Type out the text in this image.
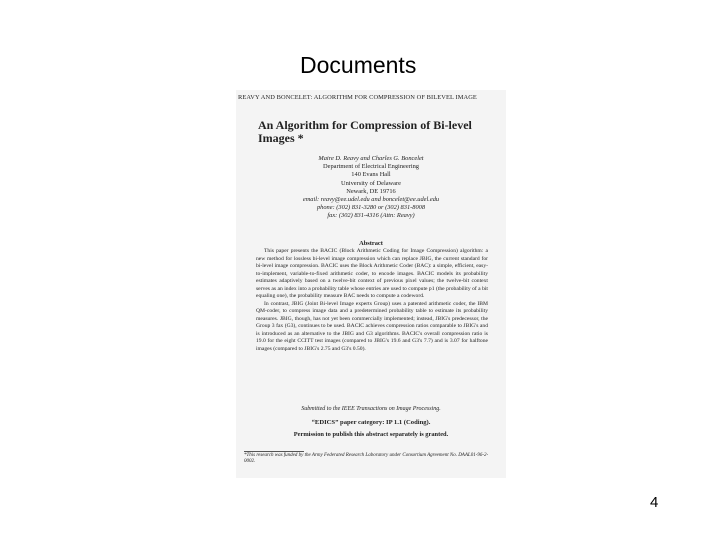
Documents
REAVY AND BONCELET: ALGORITHM FOR COMPRESSION OF BILEVEL IMAGE
An Algorithm for Compression of Bi-level Images *
Maire D. Reavy and Charles G. Boncelet
Department of Electrical Engineering
140 Evans Hall
University of Delaware
Newark, DE 19716
email: reavy@ee.udel.edu and boncelet@ee.udel.edu
phone: (302) 831-3280 or (302) 831-8008
fax: (302) 831-4316 (Attn: Reavy)
Abstract

This paper presents the BACIC (Block Arithmetic Coding for Image Compression) algorithm: a new method for lossless bi-level image compression which can replace JBIG, the current standard for bi-level image compression. BACIC uses the Block Arithmetic Coder (BAC): a simple, efficient, easy-to-implement, variable-to-fixed arithmetic coder, to encode images. BACIC models its probability estimates adaptively based on a twelve-bit context of previous pixel values; the twelve-bit context serves as an index into a probability table whose entries are used to compute p1 (the probability of a bit equaling one), the probability measure BAC needs to compute a codeword.

In contrast, JBIG (Joint Bi-level Image experts Group) uses a patented arithmetic coder, the IBM QM-coder, to compress image data and a predetermined probability table to estimate its probability measures. JBIG, though, has not yet been commercially implemented; instead, JBIG's predecessor, the Group 3 fax (G3), continues to be used. BACIC achieves compression ratios comparable to JBIG's and is introduced as an alternative to the JBIG and G3 algorithms. BACIC's overall compression ratio is 19.0 for the eight CCITT test images (compared to JBIG's 19.6 and G3's 7.7) and is 3.07 for halftone images (compared to JBIG's 2.75 and G3's 0.50).

Submitted to the IEEE Transactions on Image Processing.
“EDICS” paper category: IP 1.1 (Coding).
Permission to publish this abstract separately is granted.
*This research was funded by the Army Federated Research Laboratory under Consortium Agreement No. DAAL01-96-2-0002.
4
